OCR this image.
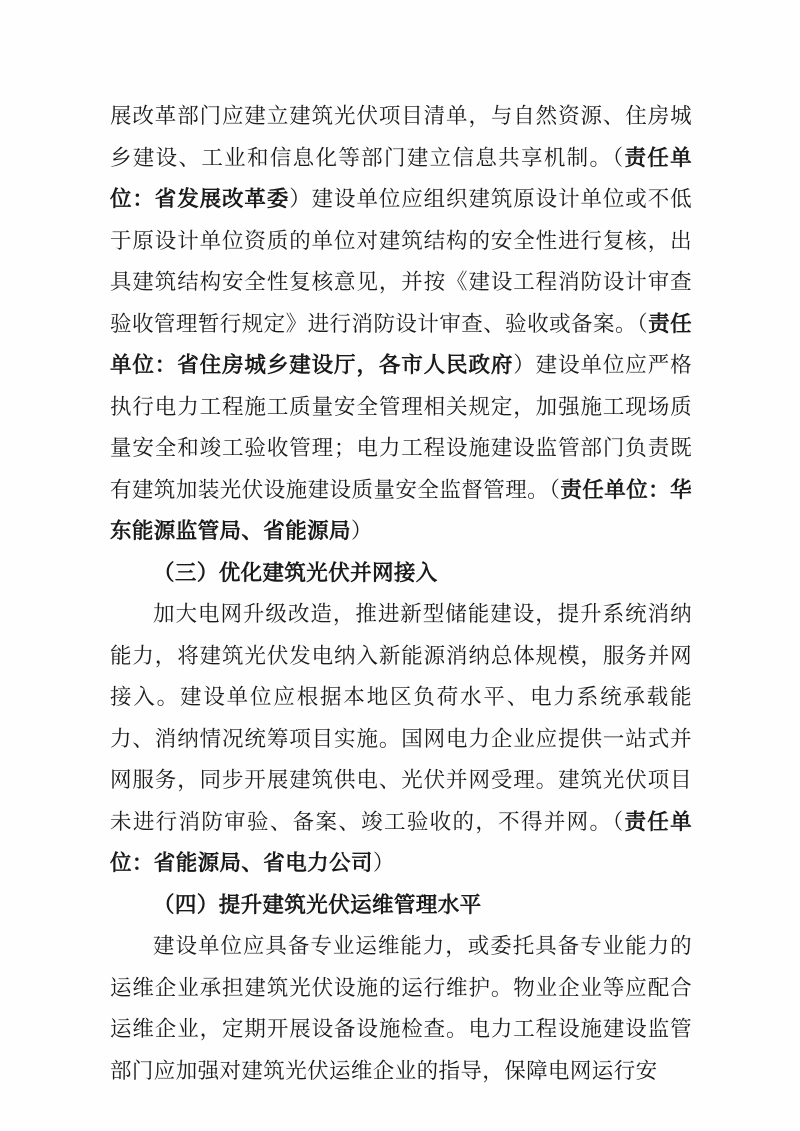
展改革部门应建立建筑光伏项目清单，与自然资源、住房城乡建设、工业和信息化等部门建立信息共享机制。（责任单位：省发展改革委）建设单位应组织建筑原设计单位或不低于原设计单位资质的单位对建筑结构的安全性进行复核，出具建筑结构安全性复核意见，并按《建设工程消防设计审查验收管理暂行规定》进行消防设计审查、验收或备案。（责任单位：省住房城乡建设厅，各市人民政府）建设单位应严格执行电力工程施工质量安全管理相关规定，加强施工现场质量安全和竣工验收管理；电力工程设施建设监管部门负责既有建筑加装光伏设施建设质量安全监督管理。（责任单位：华东能源监管局、省能源局）

（三）优化建筑光伏并网接入

加大电网升级改造，推进新型储能建设，提升系统消纳能力，将建筑光伏发电纳入新能源消纳总体规模，服务并网接入。建设单位应根据本地区负荷水平、电力系统承载能力、消纳情况统筹项目实施。国网电力企业应提供一站式并网服务，同步开展建筑供电、光伏并网受理。建筑光伏项目未进行消防审验、备案、竣工验收的，不得并网。（责任单位：省能源局、省电力公司）

（四）提升建筑光伏运维管理水平

建设单位应具备专业运维能力，或委托具备专业能力的运维企业承担建筑光伏设施的运行维护。物业企业等应配合运维企业，定期开展设备设施检查。电力工程设施建设监管部门应加强对建筑光伏运维企业的指导，保障电网运行安
